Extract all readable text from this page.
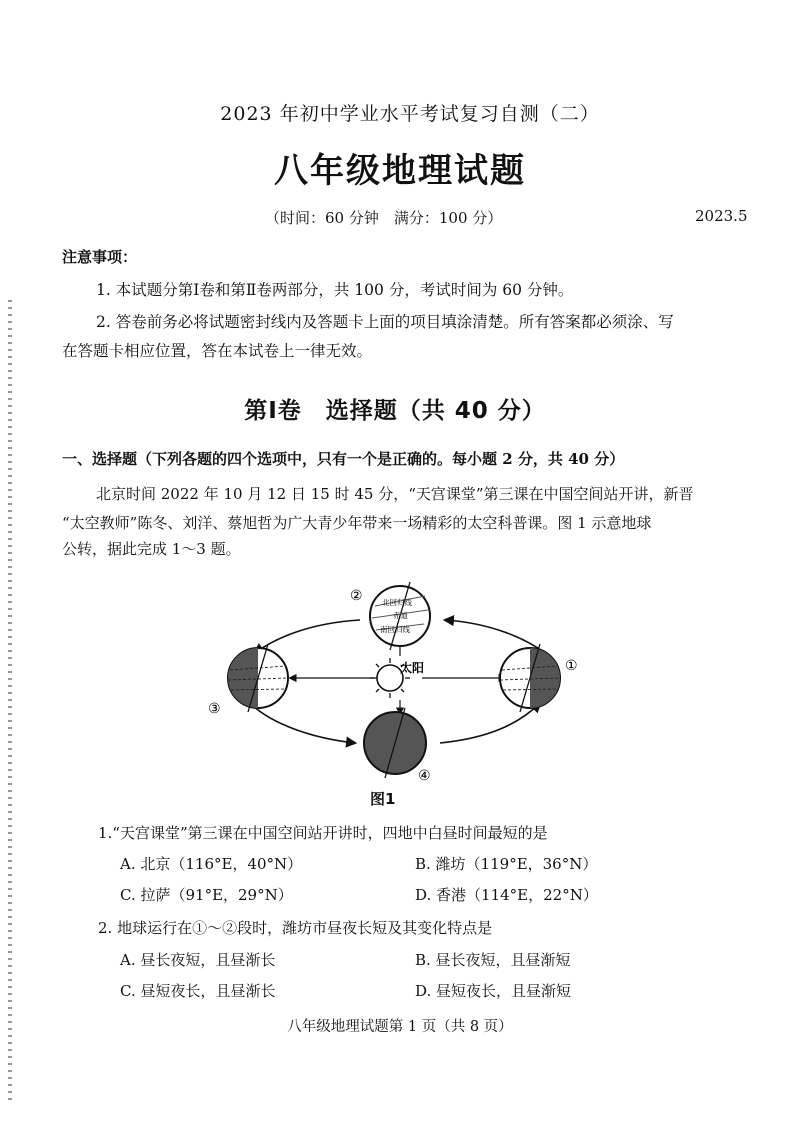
2023 年初中学业水平考试复习自测（二）
八年级地理试题
（时间：60 分钟　满分：100 分）	2023.5
注意事项：
1. 本试题分第Ⅰ卷和第Ⅱ卷两部分，共 100 分，考试时间为 60 分钟。
2. 答卷前务必将试题密封线内及答题卡上面的项目填涂清楚。所有答案都必须涂、写
在答题卡相应位置，答在本试卷上一律无效。
第Ⅰ卷　选择题（共 40 分）
一、选择题（下列各题的四个选项中，只有一个是正确的。每小题 2 分，共 40 分）
北京时间 2022 年 10 月 12 日 15 时 45 分，“天宫课堂”第三课在中国空间站开讲，新晋
“太空教师”陈冬、刘洋、蔡旭哲为广大青少年带来一场精彩的太空科普课。图 1 示意地球
公转，据此完成 1～3 题。
太阳
北回归线
赤道
南回归线
②
③
①
④
图1
1.“天宫课堂”第三课在中国空间站开讲时，四地中白昼时间最短的是
A. 北京（116°E，40°N）	B. 潍坊（119°E，36°N）
C. 拉萨（91°E，29°N）	D. 香港（114°E，22°N）
2. 地球运行在①～②段时，潍坊市昼夜长短及其变化特点是
A. 昼长夜短，且昼渐长	B. 昼长夜短，且昼渐短
C. 昼短夜长，且昼渐长	D. 昼短夜长，且昼渐短
八年级地理试题第 1 页（共 8 页）
